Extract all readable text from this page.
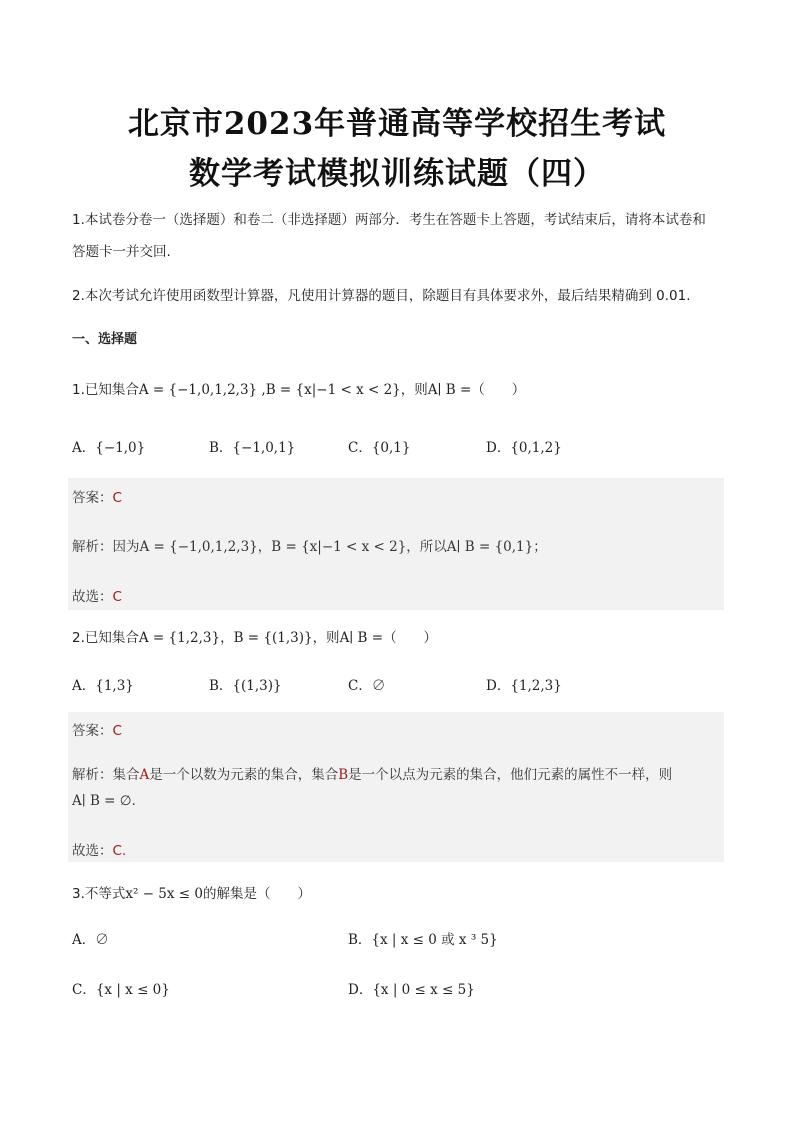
北京市2023年普通高等学校招生考试
数学考试模拟训练试题（四）
1.本试卷分卷一（选择题）和卷二（非选择题）两部分．考生在答题卡上答题，考试结束后，请将本试卷和
答题卡一并交回.
2.本次考试允许使用函数型计算器，凡使用计算器的题目，除题目有具体要求外，最后结果精确到 0.01.
一、选择题
1.已知集合A = {−1,0,1,2,3} ,B = {x|−1 < x < 2}，则A∣ B =（　　）
A．{−1,0}	B．{−1,0,1}	C．{0,1}	D．{0,1,2}
答案：C
解析：因为A = {−1,0,1,2,3}，B = {x|−1 < x < 2}，所以A∣ B = {0,1}；
故选：C
2.已知集合A = {1,2,3}，B = {(1,3)}，则A∣ B =（　　）
A．{1,3}	B．{(1,3)}	C．∅	D．{1,2,3}
答案：C
解析：集合A是一个以数为元素的集合，集合B是一个以点为元素的集合，他们元素的属性不一样，则
A∣ B = ∅.
故选：C.
3.不等式x² − 5x ≤ 0的解集是（　　）
A．∅	B．{x | x ≤ 0 或 x ³ 5}
C．{x | x ≤ 0}	D．{x | 0 ≤ x ≤ 5}
